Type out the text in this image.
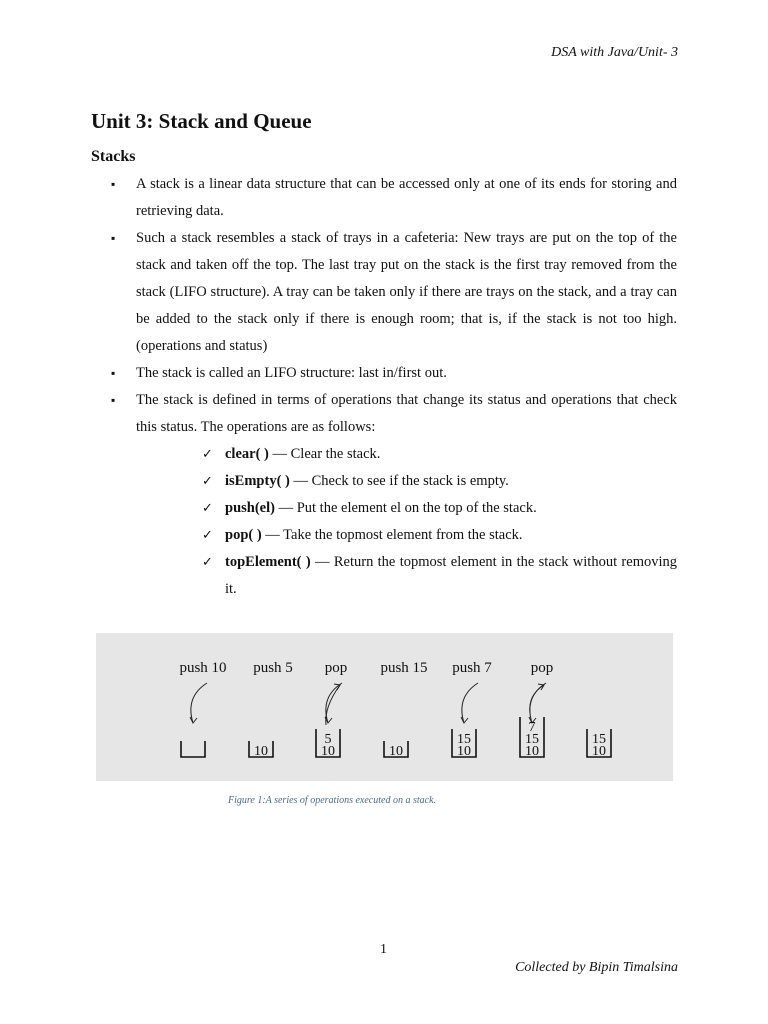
DSA with Java/Unit- 3
Unit 3: Stack and Queue
Stacks
▪ A stack is a linear data structure that can be accessed only at one of its ends for storing and retrieving data.
▪ Such a stack resembles a stack of trays in a cafeteria: New trays are put on the top of the stack and taken off the top. The last tray put on the stack is the first tray removed from the stack (LIFO structure). A tray can be taken only if there are trays on the stack, and a tray can be added to the stack only if there is enough room; that is, if the stack is not too high.(operations and status)
▪ The stack is called an LIFO structure: last in/first out.
▪ The stack is defined in terms of operations that change its status and operations that check this status. The operations are as follows:
✓ clear( ) — Clear the stack.
✓ isEmpty( ) — Check to see if the stack is empty.
✓ push(el) — Put the element el on the top of the stack.
✓ pop( ) — Take the topmost element from the stack.
✓ topElement( ) — Return the topmost element in the stack without removing it.
push 10 push 5 pop push 15 push 7	pop
10	10
5
10	10
15
10
15
7
10
15
Figure 1:A series of operations executed on a stack.
1
Collected by Bipin Timalsina
